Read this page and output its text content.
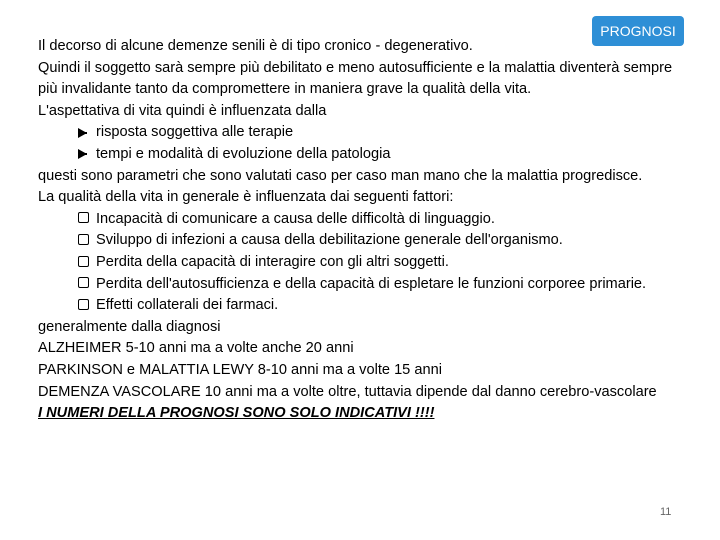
PROGNOSI
Il decorso di alcune demenze senili è di tipo cronico - degenerativo.
Quindi il soggetto sarà sempre più debilitato e meno autosufficiente e la malattia diventerà sempre più invalidante tanto da compromettere in maniera grave la qualità della vita.
L'aspettativa di vita quindi è influenzata dalla
risposta soggettiva alle terapie
tempi e modalità di evoluzione della patologia
questi sono parametri che sono valutati caso per caso man mano che la malattia progredisce.
La qualità della vita in generale è influenzata dai seguenti fattori:
Incapacità di comunicare a causa delle difficoltà di linguaggio.
Sviluppo di infezioni a causa della debilitazione generale dell'organismo.
Perdita della capacità di interagire con gli altri soggetti.
Perdita dell'autosufficienza e della capacità di espletare le funzioni corporee primarie.
Effetti collaterali dei farmaci.
generalmente dalla diagnosi
ALZHEIMER 5-10 anni ma a volte anche 20 anni
PARKINSON e MALATTIA LEWY 8-10 anni ma a volte 15 anni
DEMENZA VASCOLARE 10 anni ma a volte oltre, tuttavia dipende dal danno cerebro-vascolare
I NUMERI DELLA PROGNOSI SONO SOLO INDICATIVI !!!!
11
